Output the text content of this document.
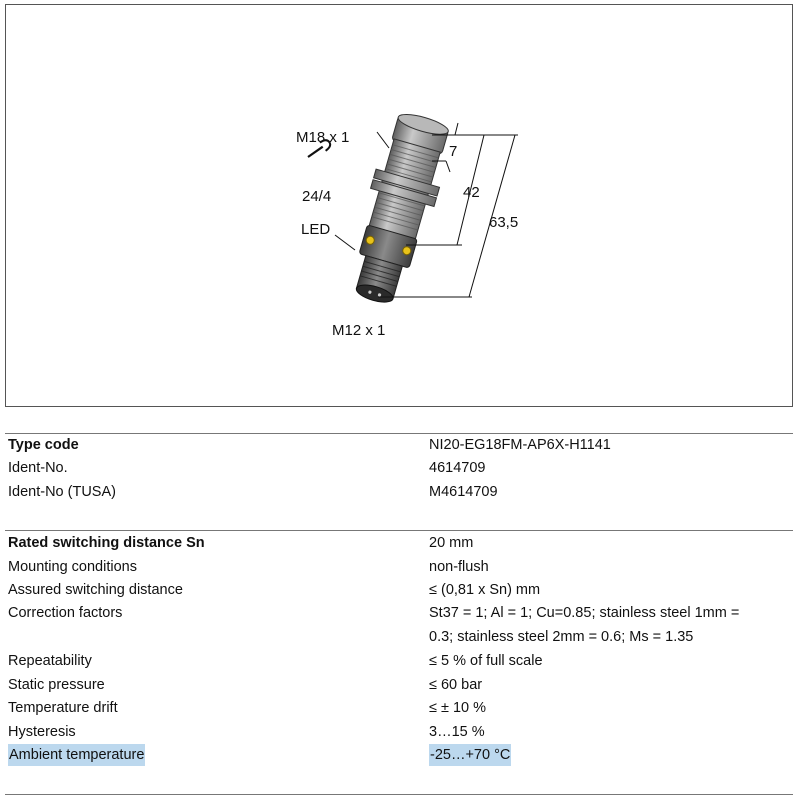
M18 x 1
24/4
LED
M12 x 1
7
42
63,5
Type code	NI20-EG18FM-AP6X-H1141
Ident-No.	4614709
Ident-No (TUSA)	M4614709
Rated switching distance Sn	20 mm
Mounting conditions	non-flush
Assured switching distance	≤ (0,81 x Sn) mm
Correction factors	St37 = 1; Al = 1; Cu=0.85; stainless steel 1mm =
0.3; stainless steel 2mm = 0.6; Ms = 1.35
Repeatability	≤ 5 % of full scale
Static pressure	≤ 60 bar
Temperature drift	≤ ± 10 %
Hysteresis	3…15 %
Ambient temperature	-25…+70 °C
